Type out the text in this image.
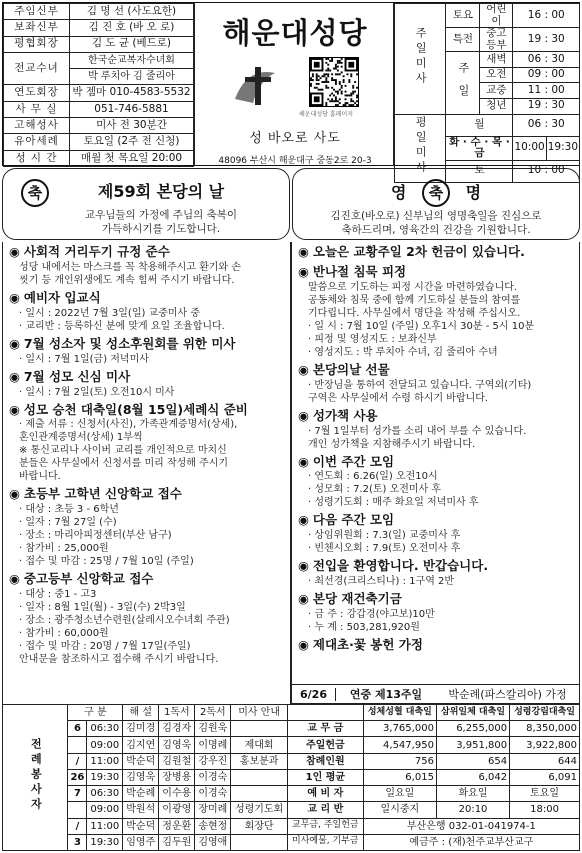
주임신부	김 명 선 (사도요한)
보좌신부	김 진 호 (바 오 로)
평협회장	김 도 균 (베드로)
전교수녀	한국순교복자수녀회
	박 루치아 김 줄리아
연도회장	박 젬마 010-4583-5532
사 무 실	051-746-5881
고해성사	미사 전 30분간
유아세례	토요일 (2주 전 신청)
성 시 간	매월 첫 목요일 20:00
해운대성당
해운대성당 홈페이지
성 바오로 사도
48096 부산시 해운대구 중동2로 20-3
주일미사	토요	어린이	16 : 00	
	특전	중고등부	19 : 30	
	주 일	새벽	06 : 30	
		오전	09 : 00	
		교중	11 : 00	
		청년	19 : 30	
평일미사	월		06 : 30	
	화 · 수 · 목 · 금		10:00	19:30
	토		10 : 00	
축	제59회 본당의 날
교우님들의 가정에 주님의 축복이
가득하시기를 기도합니다.
영 축 명
김진호(바오로) 신부님의 영명축일을 진심으로
축하드리며, 영육간의 건강을 기원합니다.
◉ 사회적 거리두기 규정 준수
성당 내에서는 마스크를 꼭 착용해주시고 환기와 손
씻기 등 개인위생에도 계속 힘써 주시기 바랍니다.
◉ 예비자 입교식
· 일시 : 2022년 7월 3일(일) 교중미사 중
· 교리반 : 등록하신 분에 맞게 요일 조율합니다.
◉ 7월 성소자 및 성소후원회를 위한 미사
· 일시 : 7월 1일(금) 저녁미사
◉ 7월 성모 신심 미사
· 일시 : 7월 2일(토) 오전10시 미사
◉ 성모 승천 대축일(8월 15일)세례식 준비
· 제출 서류 : 신청서(사진), 가족관계증명서(상세),
혼인관계증명서(상세) 1부씩
※ 통신교리나 사이버 교리를 개인적으로 마치신
분들은 사무실에서 신청서를 미리 작성해 주시기
바랍니다.
◉ 초등부 고학년 신앙학교 접수
· 대상 : 초등 3 - 6학년
· 일자 : 7월 27일 (수)
· 장소 : 마리아피정센터(부산 남구)
· 참가비 : 25,000원
· 접수 및 마감 : 25명 / 7월 10일 (주일)
◉ 중고등부 신앙학교 접수
· 대상 : 중1 - 고3
· 일자 : 8월 1일(월) - 3일(수) 2박3일
· 장소 : 광주청소년수련원(살레시오수녀회 주관)
· 참가비 : 60,000원
· 접수 및 마감 : 20명 / 7월 17일(주일)
안내문을 참조하시고 접수해 주시기 바랍니다.
◉ 오늘은 교황주일 2차 헌금이 있습니다.
◉ 반나절 침묵 피정
말씀으로 기도하는 피정 시간을 마련하였습니다.
공동체와 침묵 중에 함께 기도하실 분들의 참여를
기다립니다. 사무실에서 명단을 작성해 주십시오.
· 일 시 : 7월 10일 (주일) 오후1시 30분 - 5시 10분
· 피정 및 영성지도 : 보좌신부
· 영성지도 : 박 루치아 수녀, 김 줄리아 수녀
◉ 본당의날 선물
· 반장님을 통하여 전달되고 있습니다. 구역외(기타)
구역은 사무실에서 수령 하시기 바랍니다.
◉ 성가책 사용
· 7월 1일부터 성가를 소리 내어 부를 수 있습니다.
개인 성가책을 지참해주시기 바랍니다.
◉ 이번 주간 모임
· 연도회 : 6.26(일) 오전10시
· 성모회 : 7.2(토) 오전미사 후
· 성령기도회 : 매주 화요일 저녁미사 후
◉ 다음 주간 모임
· 상임위원회 : 7.3(일) 교중미사 후
· 빈첸시오회 : 7.9(토) 오전미사 후
◉ 전입을 환영합니다. 반갑습니다.
· 최선경(크리스티나) : 1구역 2반
◉ 본당 재건축기금
· 금 주 : 강갑경(야고보)10만
· 누 계 : 503,281,920원
◉ 제대초·꽃 봉헌 가정
6/26	연중 제13주일	박순례(파스칼리아) 가정
전례봉사자	구 분		해 설	1독서	2독서	미사 안내		성체성혈 대축일	삼위일체 대축일	성령강림대축일
	6	06:30	김미경	김경자	김원욱		교 무 금	3,765,000	6,255,000	8,350,000
		09:00	김지연	김영욱	이명례	제대회	주일헌금	4,547,950	3,951,800	3,922,800
	/	11:00	박순덕	김원철	강우진	홍보분과	참례인원	756	654	644
	26	19:30	김영욱	장병용	이경숙		1인 평균	6,015	6,042	6,091
	7	06:30	박순례	이수용	이경숙		예 비 자	일요일	화요일	토요일
		09:00	박원석	이광영	장미례	성령기도회	교 리 반	일시중지	20:10	18:00
	/	11:00	박순덕	정운환	송현정	회장단	교무금, 주일헌금	부산은행 032-01-041974-1		
	3	19:30	임영주	김두원	김영애		미사예물, 기부금	예금주 : (재)천주교부산교구		
